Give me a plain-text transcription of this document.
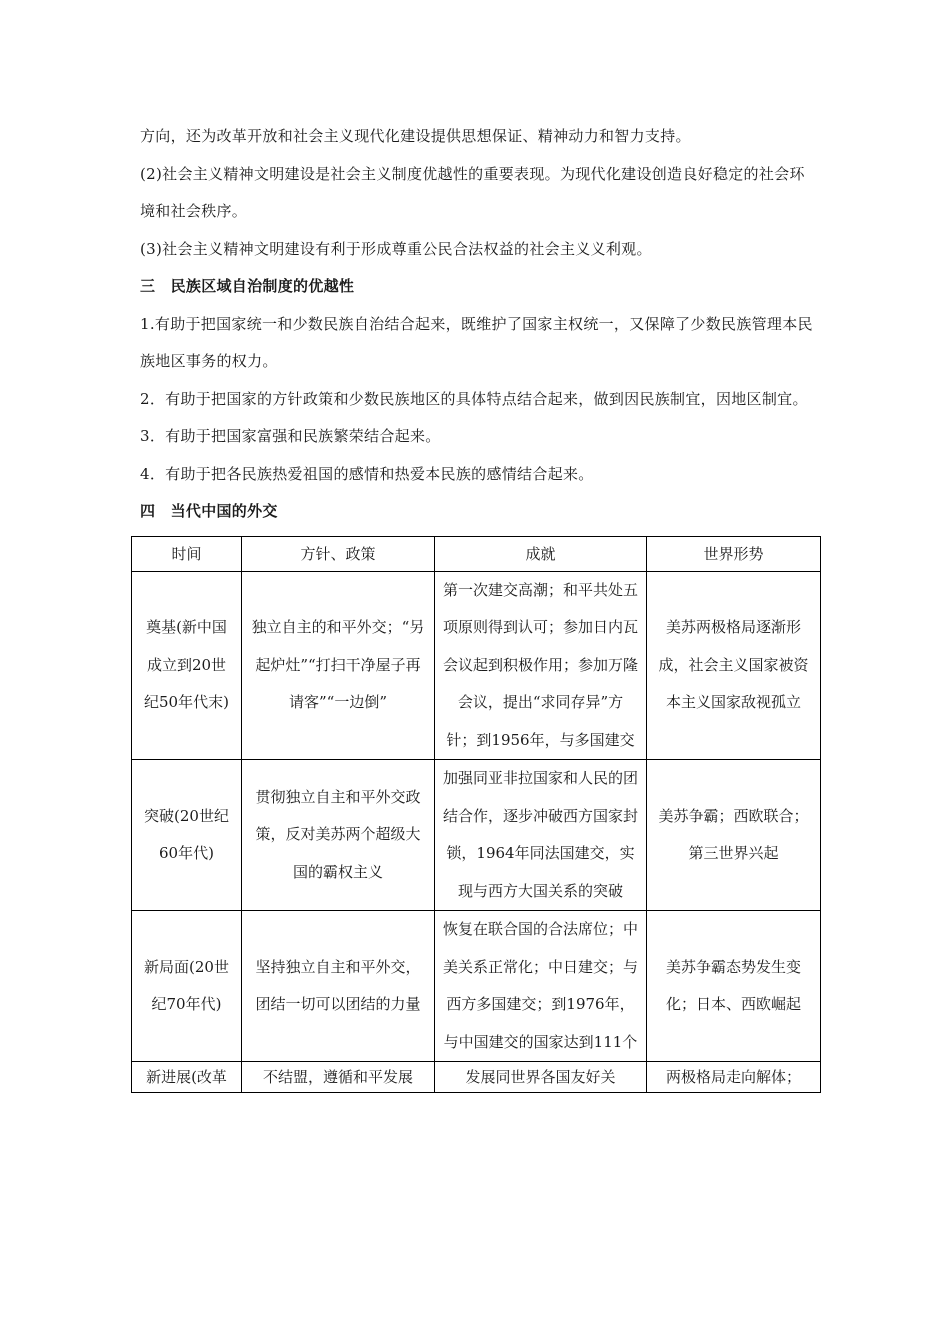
方向，还为改革开放和社会主义现代化建设提供思想保证、精神动力和智力支持。

(2)社会主义精神文明建设是社会主义制度优越性的重要表现。为现代化建设创造良好稳定的社会环境和社会秩序。

(3)社会主义精神文明建设有利于形成尊重公民合法权益的社会主义义利观。

三　民族区域自治制度的优越性

1.有助于把国家统一和少数民族自治结合起来，既维护了国家主权统一，又保障了少数民族管理本民族地区事务的权力。

2．有助于把国家的方针政策和少数民族地区的具体特点结合起来，做到因民族制宜，因地区制宜。

3．有助于把国家富强和民族繁荣结合起来。

4．有助于把各民族热爱祖国的感情和热爱本民族的感情结合起来。

四　当代中国的外交

时间	方针、政策	成就	世界形势
奠基(新中国成立到20世纪50年代末)	独立自主的和平外交；“另起炉灶”“打扫干净屋子再请客”“一边倒”	第一次建交高潮；和平共处五项原则得到认可；参加日内瓦会议起到积极作用；参加万隆会议，提出“求同存异”方针；到1956年，与多国建交	美苏两极格局逐渐形成，社会主义国家被资本主义国家敌视孤立
突破(20世纪60年代)	贯彻独立自主和平外交政策，反对美苏两个超级大国的霸权主义	加强同亚非拉国家和人民的团结合作，逐步冲破西方国家封锁，1964年同法国建交，实现与西方大国关系的突破	美苏争霸；西欧联合；第三世界兴起
新局面(20世纪70年代)	坚持独立自主和平外交，团结一切可以团结的力量	恢复在联合国的合法席位；中美关系正常化；中日建交；与西方多国建交；到1976年，与中国建交的国家达到111个	美苏争霸态势发生变化；日本、西欧崛起
新进展(改革	不结盟，遵循和平发展	发展同世界各国友好关	两极格局走向解体；
